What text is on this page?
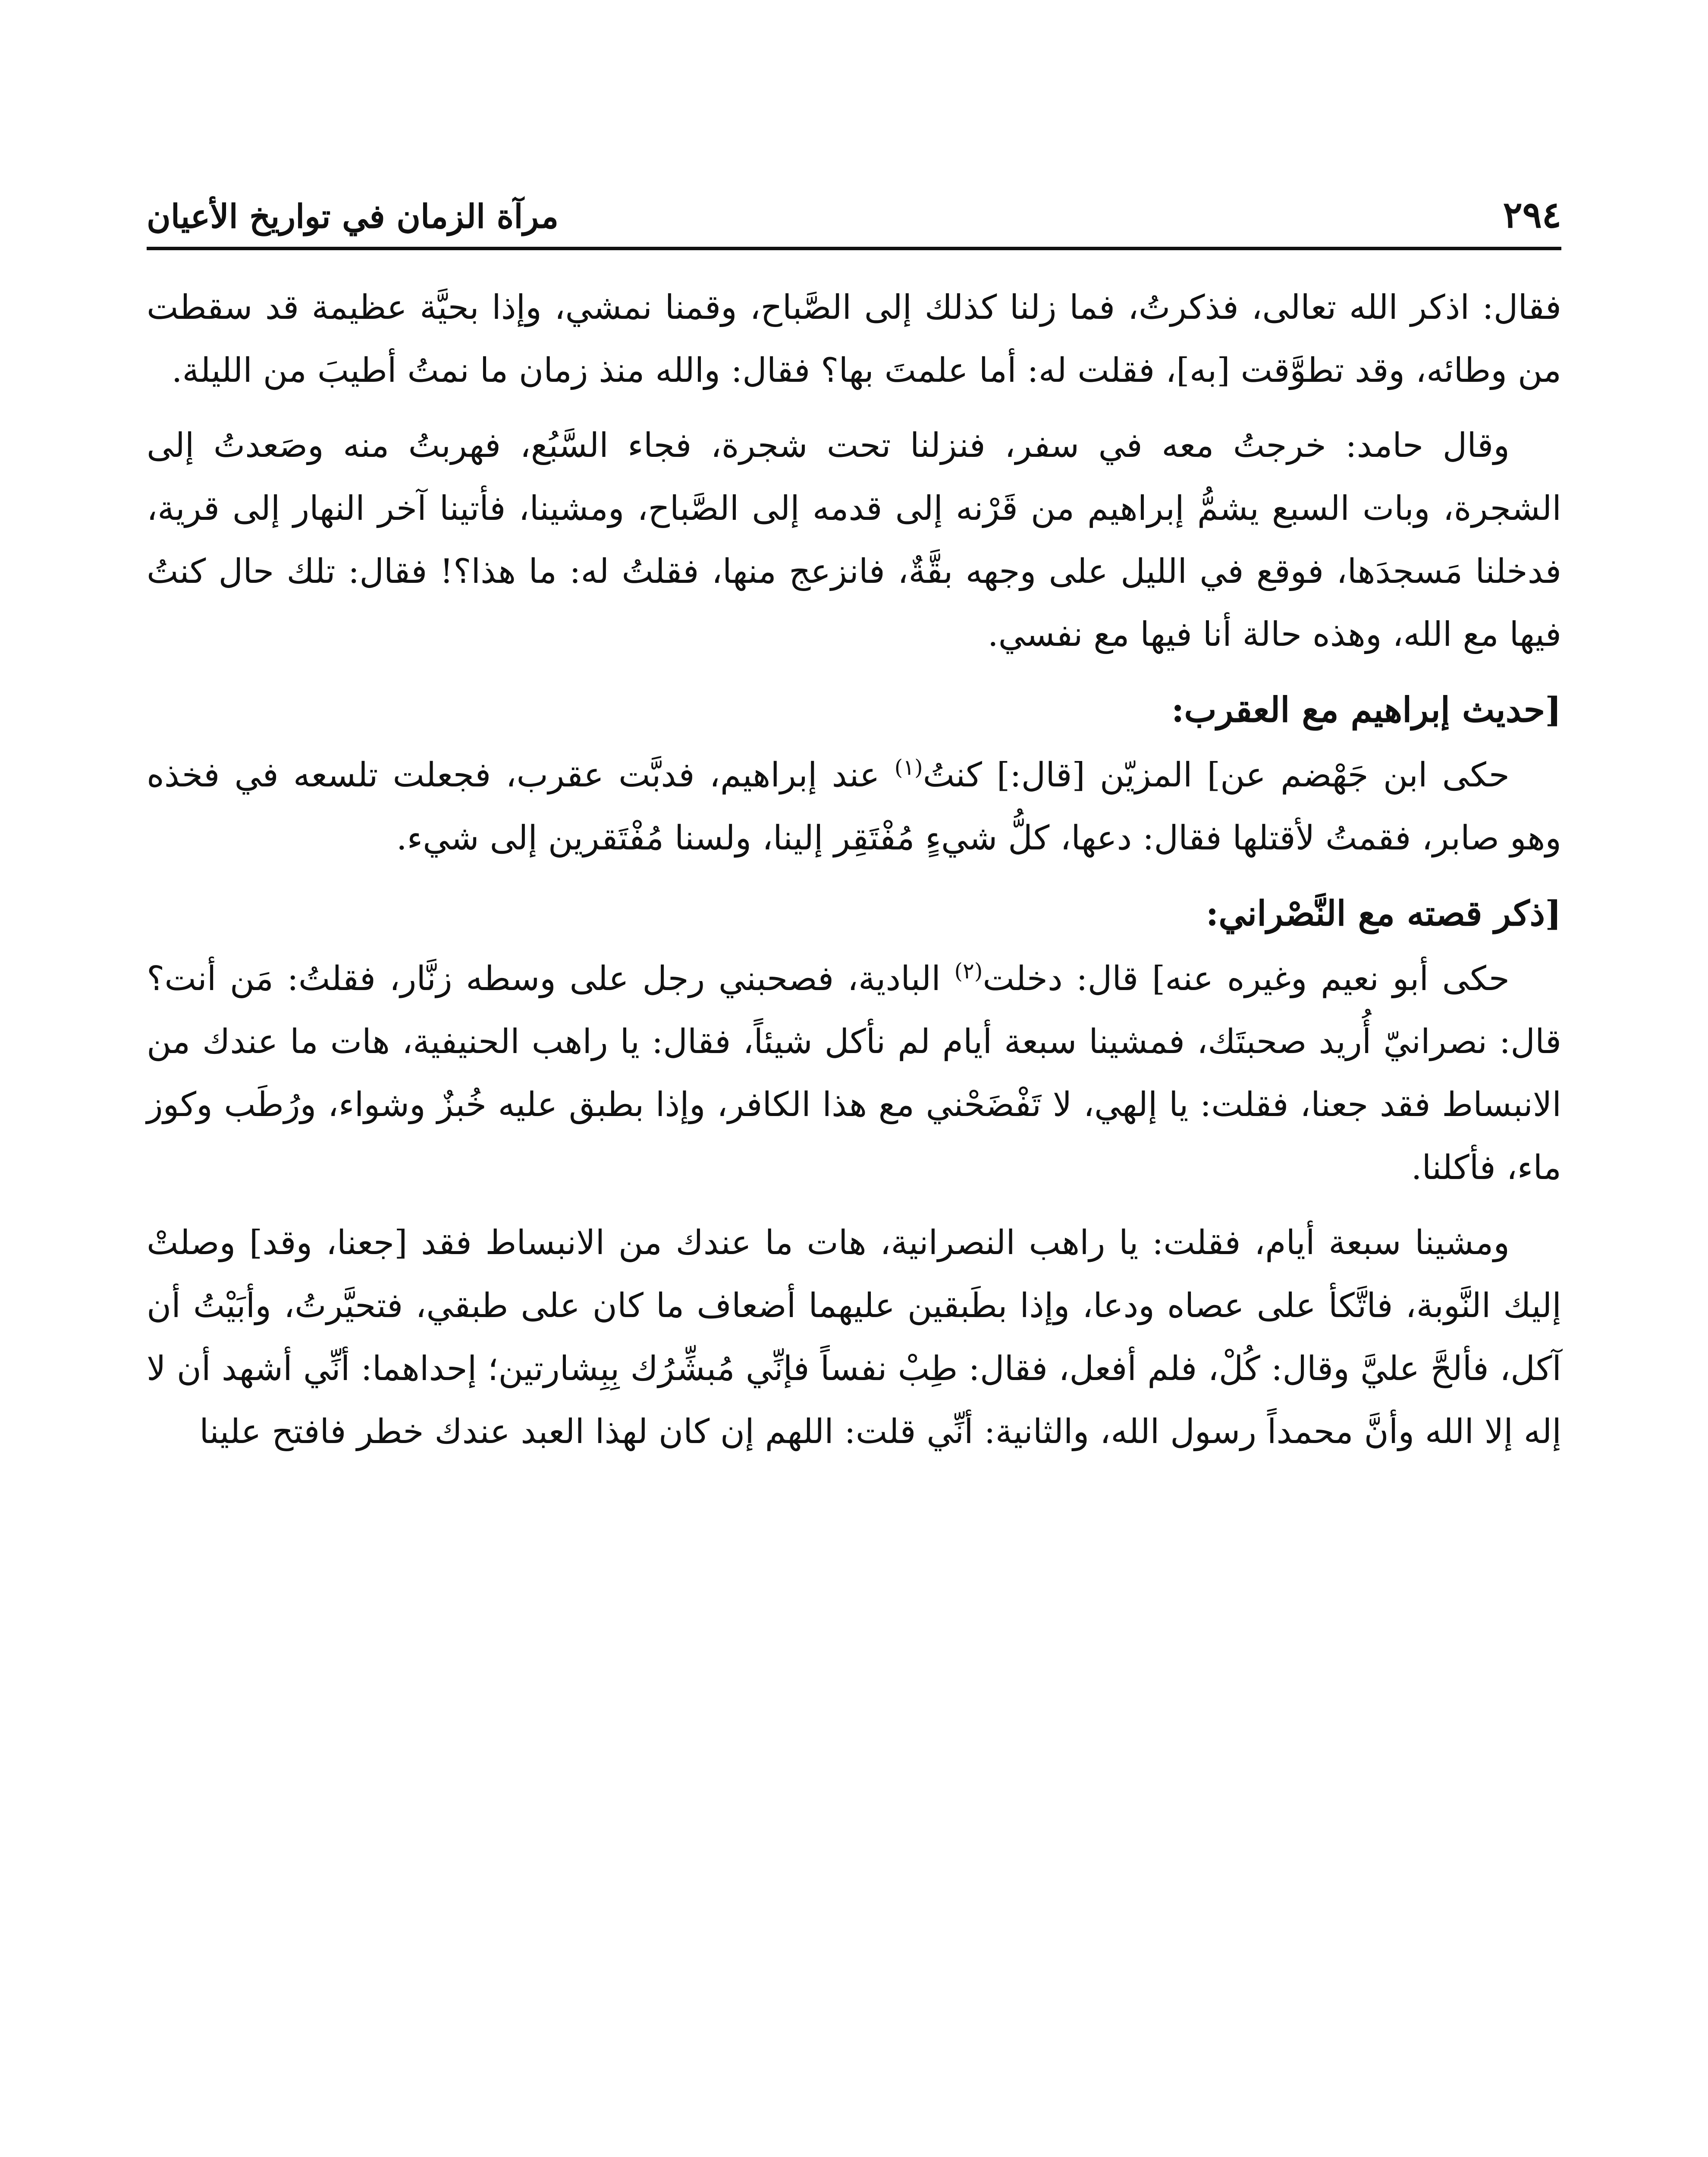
٢٩٤
مرآة الزمان في تواريخ الأعيان

فقال: اذكر الله تعالى، فذكرتُ، فما زلنا كذلك إلى الصَّباح، وقمنا نمشي، وإذا بحيَّة عظيمة قد سقطت من وطائه، وقد تطوَّقت [به]، فقلت له: أما علمتَ بها؟ فقال: والله منذ زمان ما نمتُ أطيبَ من الليلة.

وقال حامد: خرجتُ معه في سفر، فنزلنا تحت شجرة، فجاء السَّبُع، فهربتُ منه وصَعدتُ إلى الشجرة، وبات السبع يشمُّ إبراهيم من قَرْنه إلى قدمه إلى الصَّباح، ومشينا، فأتينا آخر النهار إلى قرية، فدخلنا مَسجدَها، فوقع في الليل على وجهه بقَّةٌ، فانزعج منها، فقلتُ له: ما هذا؟! فقال: تلك حال كنتُ فيها مع الله، وهذه حالة أنا فيها مع نفسي.

[حديث إبراهيم مع العقرب:

حكى ابن جَهْضم عن] المزيّن [قال:] كنتُ$^{(١)}$ عند إبراهيم، فدبَّت عقرب، فجعلت تلسعه في فخذه وهو صابر، فقمتُ لأقتلها فقال: دعها، كلُّ شيءٍ مُفْتَقِر إلينا، ولسنا مُفْتَقرين إلى شيء.

[ذكر قصته مع النَّصْراني:

حكى أبو نعيم وغيره عنه] قال: دخلت$^{(٢)}$ البادية، فصحبني رجل على وسطه زنَّار، فقلتُ: مَن أنت؟ قال: نصرانيّ أُريد صحبتَك، فمشينا سبعة أيام لم نأكل شيئاً، فقال: يا راهب الحنيفية، هات ما عندك من الانبساط فقد جعنا، فقلت: يا إلهي، لا تَفْضَحْني مع هذا الكافر، وإذا بطبق عليه خُبزٌ وشواء، ورُطَب وكوز ماء، فأكلنا.

ومشينا سبعة أيام، فقلت: يا راهب النصرانية، هات ما عندك من الانبساط فقد [جعنا، وقد] وصلتْ إليك النَّوبة، فاتَّكأ على عصاه ودعا، وإذا بطَبقين عليهما أضعاف ما كان على طبقي، فتحيَّرتُ، وأبَيْتُ أن آكل، فألحَّ عليَّ وقال: كُلْ، فلم أفعل، فقال: طِبْ نفساً فإنِّي مُبشِّرُك بِبِشارتين؛ إحداهما: أنِّي أشهد أن لا إله إلا الله وأنَّ محمداً رسول الله، والثانية: أنِّي قلت: اللهم إن كان لهذا العبد عندك خطر فافتح علينا
